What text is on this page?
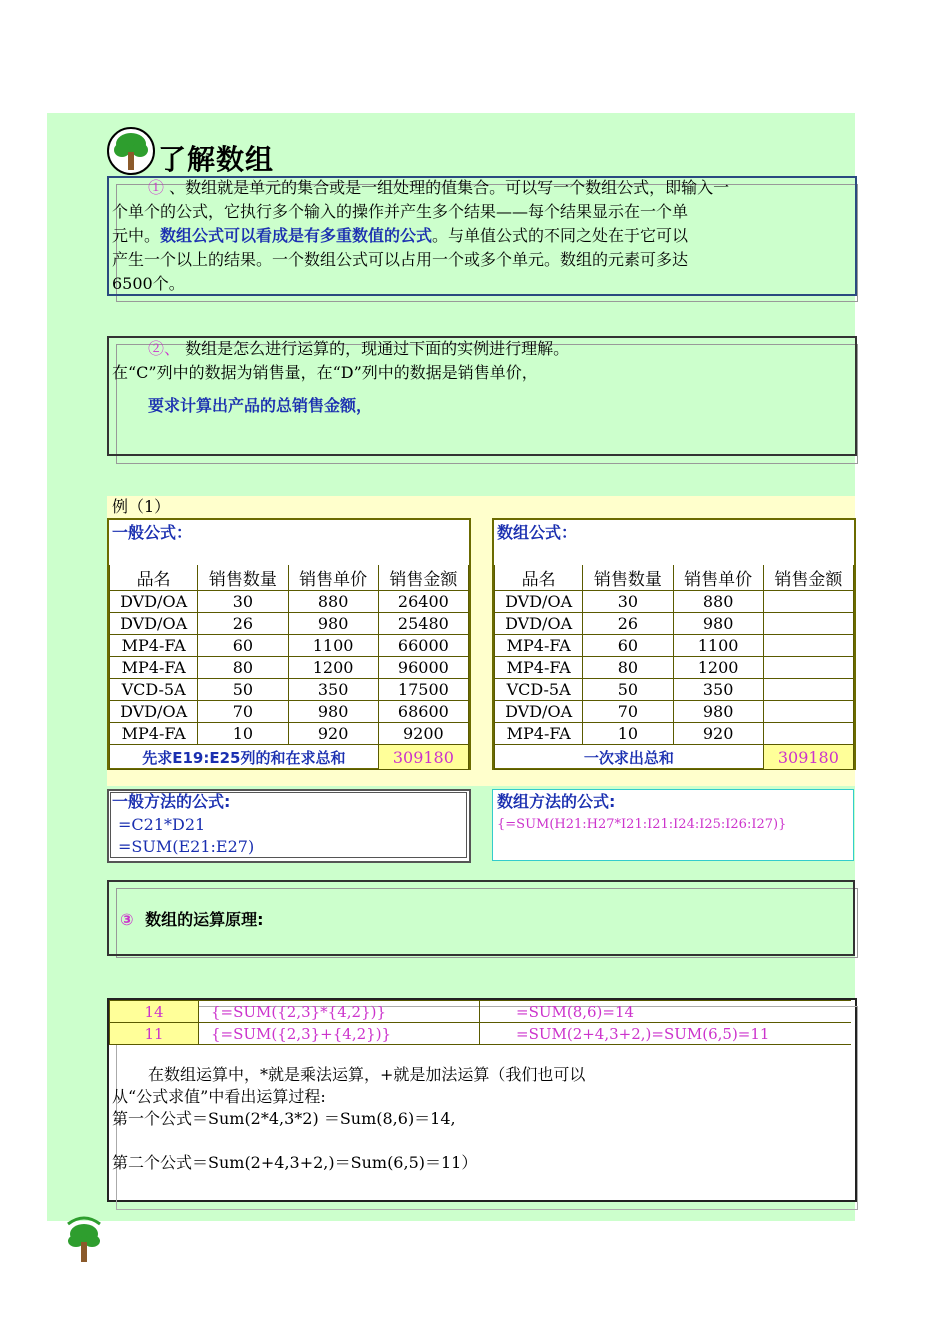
了解数组
① 、数组就是单元的集合或是一组处理的值集合。可以写一个数组公式，即输入一
个单个的公式，它执行多个输入的操作并产生多个结果——每个结果显示在一个单
元中。数组公式可以看成是有多重数值的公式。与单值公式的不同之处在于它可以
产生一个以上的结果。一个数组公式可以占用一个或多个单元。数组的元素可多达
6500个。
②、 数组是怎么进行运算的，现通过下面的实例进行理解。
在“C”列中的数据为销售量，在“D”列中的数据是销售单价，
要求计算出产品的总销售金额，
例（1）
一般公式：
品名	销售数量	销售单价	销售金额
DVD/OA	30	880	26400
DVD/OA	26	980	25480
MP4-FA	60	1100	66000
MP4-FA	80	1200	96000
VCD-5A	50	350	17500
DVD/OA	70	980	68600
MP4-FA	10	920	9200
先求E19:E25列的和在求总和			309180
数组公式：
品名	销售数量	销售单价	销售金额
DVD/OA	30	880	
DVD/OA	26	980	
MP4-FA	60	1100	
MP4-FA	80	1200	
VCD-5A	50	350	
DVD/OA	70	980	
MP4-FA	10	920	
一次求出总和			309180
一般方法的公式:
=C21*D21
=SUM(E21:E27)
数组方法的公式:
{=SUM(H21:H27*I21:I21:I24:I25:I26:I27)}
③ 数组的运算原理:
14	{=SUM({2,3}*{4,2})}	=SUM(8,6)=14
11	{=SUM({2,3}+{4,2})}	=SUM(2+4,3+2,)=SUM(6,5)=11
在数组运算中，*就是乘法运算，+就是加法运算（我们也可以
从“公式求值”中看出运算过程:
第一个公式＝Sum(2*4,3*2) ＝Sum(8,6)＝14,
第二个公式＝Sum(2+4,3+2,)＝Sum(6,5)＝11）
